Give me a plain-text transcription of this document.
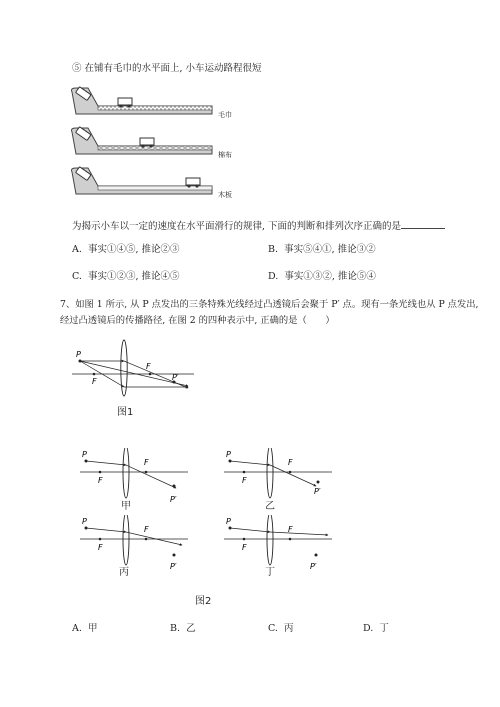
⑤ 在铺有毛巾的水平面上, 小车运动路程很短
毛巾
棉布
木板
为揭示小车以一定的速度在水平面滑行的规律, 下面的判断和排列次序正确的是
A. 事实①④⑤, 推论②③	B. 事实⑤④①, 推论③②
C. 事实①②③, 推论④⑤	D. 事实①③②, 推论⑤④
7、如图 1 所示, 从 P 点发出的三条特殊光线经过凸透镜后会聚于 P′ 点。现有一条光线也从 P 点发出,
经过凸透镜后的传播路径, 在图 2 的四种表示中, 正确的是（　　）
P
F
F
P′
图1
P
F
F
P′
甲
P
F
F
P′
乙
P
F
F
P′
丙
P
F
F
P′
丁
图2
A. 甲	B. 乙	C. 丙	D. 丁
